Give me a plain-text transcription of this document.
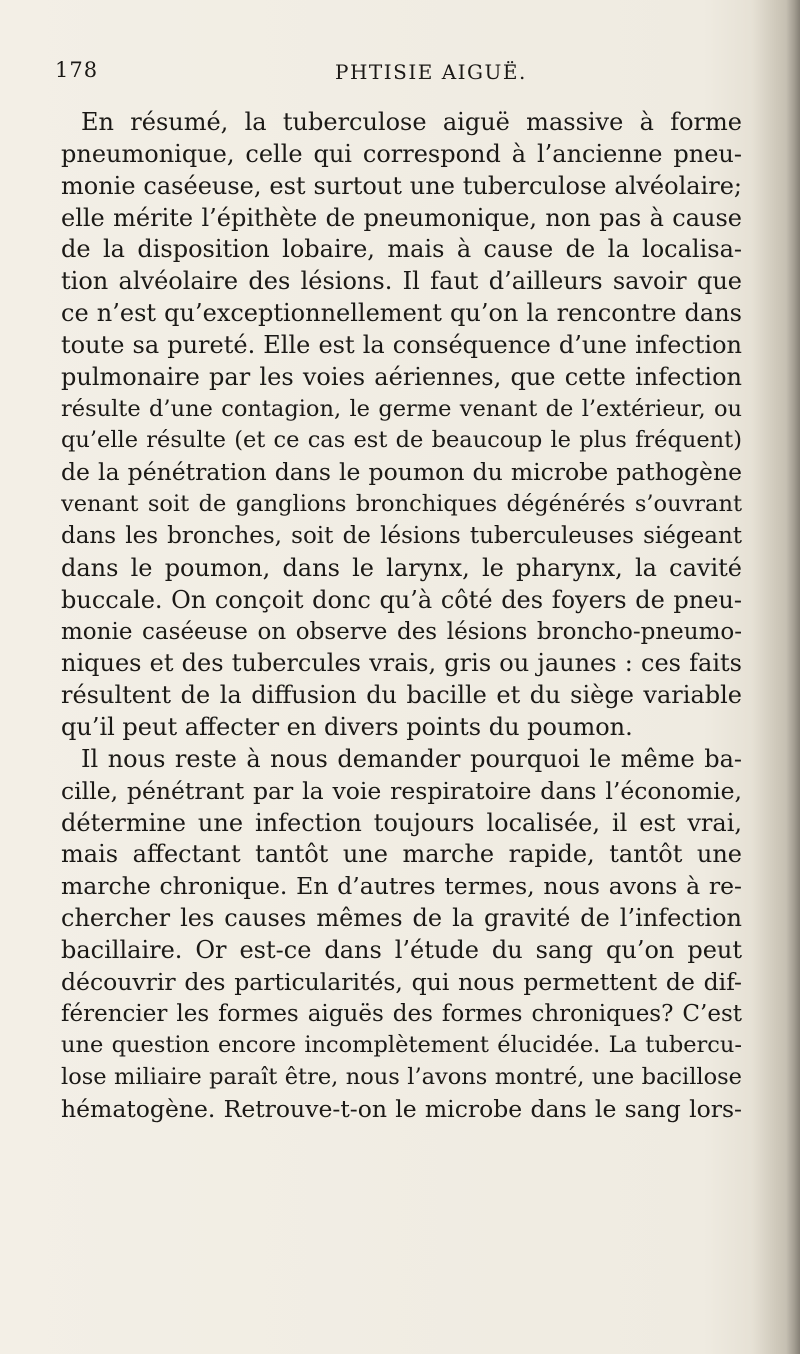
178	PHTISIE AIGUË.
En résumé, la tuberculose aiguë massive à forme
pneumonique, celle qui correspond à l’ancienne pneu-
monie caséeuse, est surtout une tuberculose alvéolaire;
elle mérite l’épithète de pneumonique, non pas à cause
de la disposition lobaire, mais à cause de la localisa-
tion alvéolaire des lésions. Il faut d’ailleurs savoir que
ce n’est qu’exceptionnellement qu’on la rencontre dans
toute sa pureté. Elle est la conséquence d’une infection
pulmonaire par les voies aériennes, que cette infection
résulte d’une contagion, le germe venant de l’extérieur, ou
qu’elle résulte (et ce cas est de beaucoup le plus fréquent)
de la pénétration dans le poumon du microbe pathogène
venant soit de ganglions bronchiques dégénérés s’ouvrant
dans les bronches, soit de lésions tuberculeuses siégeant
dans le poumon, dans le larynx, le pharynx, la cavité
buccale. On conçoit donc qu’à côté des foyers de pneu-
monie caséeuse on observe des lésions broncho-pneumo-
niques et des tubercules vrais, gris ou jaunes : ces faits
résultent de la diffusion du bacille et du siège variable
qu’il peut affecter en divers points du poumon.
Il nous reste à nous demander pourquoi le même ba-
cille, pénétrant par la voie respiratoire dans l’économie,
détermine une infection toujours localisée, il est vrai,
mais affectant tantôt une marche rapide, tantôt une
marche chronique. En d’autres termes, nous avons à re-
chercher les causes mêmes de la gravité de l’infection
bacillaire. Or est-ce dans l’étude du sang qu’on peut
découvrir des particularités, qui nous permettent de dif-
férencier les formes aiguës des formes chroniques? C’est
une question encore incomplètement élucidée. La tubercu-
lose miliaire paraît être, nous l’avons montré, une bacillose
hématogène. Retrouve-t-on le microbe dans le sang lors-
